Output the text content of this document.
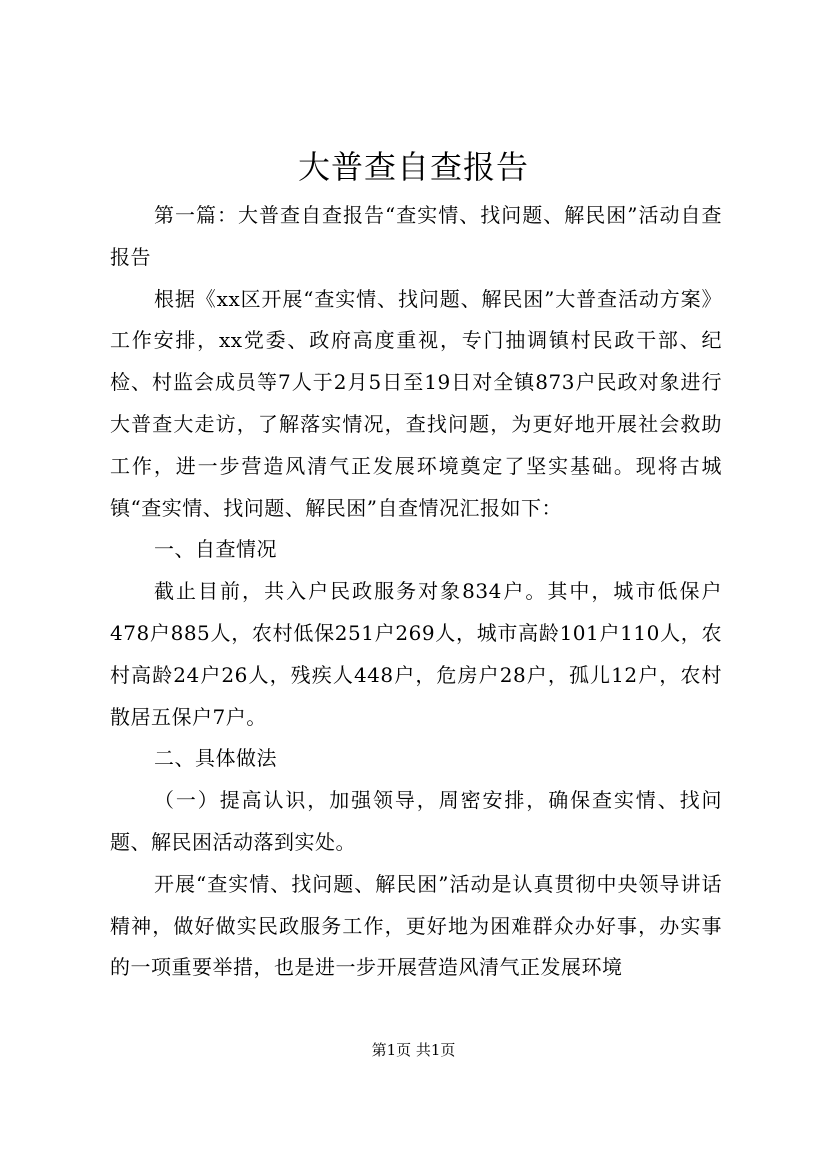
大普查自查报告

第一篇：大普查自查报告“查实情、找问题、解民困”活动自查报告

根据《xx区开展“查实情、找问题、解民困”大普查活动方案》工作安排，xx党委、政府高度重视，专门抽调镇村民政干部、纪检、村监会成员等7人于2月5日至19日对全镇873户民政对象进行大普查大走访，了解落实情况，查找问题，为更好地开展社会救助工作，进一步营造风清气正发展环境奠定了坚实基础。现将古城镇“查实情、找问题、解民困”自查情况汇报如下：

一、自查情况

截止目前，共入户民政服务对象834户。其中，城市低保户478户885人，农村低保251户269人，城市高龄101户110人，农村高龄24户26人，残疾人448户，危房户28户，孤儿12户，农村散居五保户7户。

二、具体做法

（一）提高认识，加强领导，周密安排，确保查实情、找问题、解民困活动落到实处。

开展“查实情、找问题、解民困”活动是认真贯彻中央领导讲话精神，做好做实民政服务工作，更好地为困难群众办好事，办实事的一项重要举措，也是进一步开展营造风清气正发展环境

第1页 共1页
